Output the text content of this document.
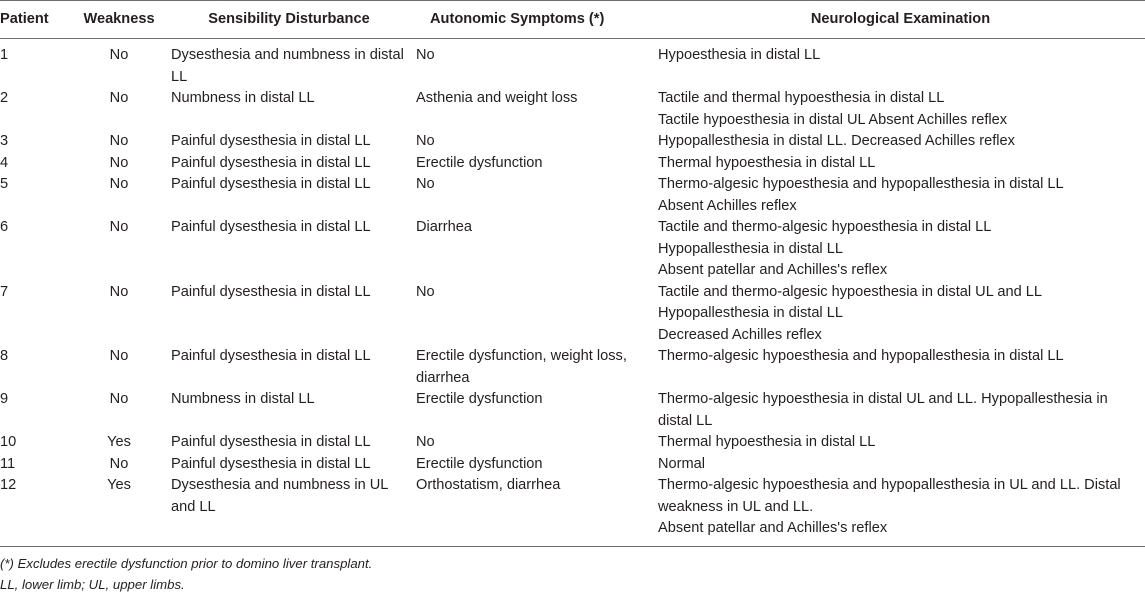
Patient	Weakness	Sensibility Disturbance	Autonomic Symptoms (*)	Neurological Examination
1	No	Dysesthesia and numbness in distal LL	No	Hypoesthesia in distal LL

2	No	Numbness in distal LL	Asthenia and weight loss	Tactile and thermal hypoesthesia in distal LL
Tactile hypoesthesia in distal UL Absent Achilles reflex

3	No	Painful dysesthesia in distal LL	No	Hypopallesthesia in distal LL. Decreased Achilles reflex

4	No	Painful dysesthesia in distal LL	Erectile dysfunction	Thermal hypoesthesia in distal LL

5	No	Painful dysesthesia in distal LL	No	Thermo-algesic hypoesthesia and hypopallesthesia in distal LL
Absent Achilles reflex

6	No	Painful dysesthesia in distal LL	Diarrhea	Tactile and thermo-algesic hypoesthesia in distal LL
Hypopallesthesia in distal LL
Absent patellar and Achilles's reflex

7	No	Painful dysesthesia in distal LL	No	Tactile and thermo-algesic hypoesthesia in distal UL and LL
Hypopallesthesia in distal LL
Decreased Achilles reflex

8	No	Painful dysesthesia in distal LL	Erectile dysfunction, weight loss, diarrhea	Thermo-algesic hypoesthesia and hypopallesthesia in distal LL

9	No	Numbness in distal LL	Erectile dysfunction	Thermo-algesic hypoesthesia in distal UL and LL. Hypopallesthesia in distal LL

10	Yes	Painful dysesthesia in distal LL	No	Thermal hypoesthesia in distal LL

11	No	Painful dysesthesia in distal LL	Erectile dysfunction	Normal

12	Yes	Dysesthesia and numbness in UL and LL	Orthostatism, diarrhea	Thermo-algesic hypoesthesia and hypopallesthesia in UL and LL. Distal weakness in UL and LL.
Absent patellar and Achilles's reflex
(*) Excludes erectile dysfunction prior to domino liver transplant.
LL, lower limb; UL, upper limbs.
